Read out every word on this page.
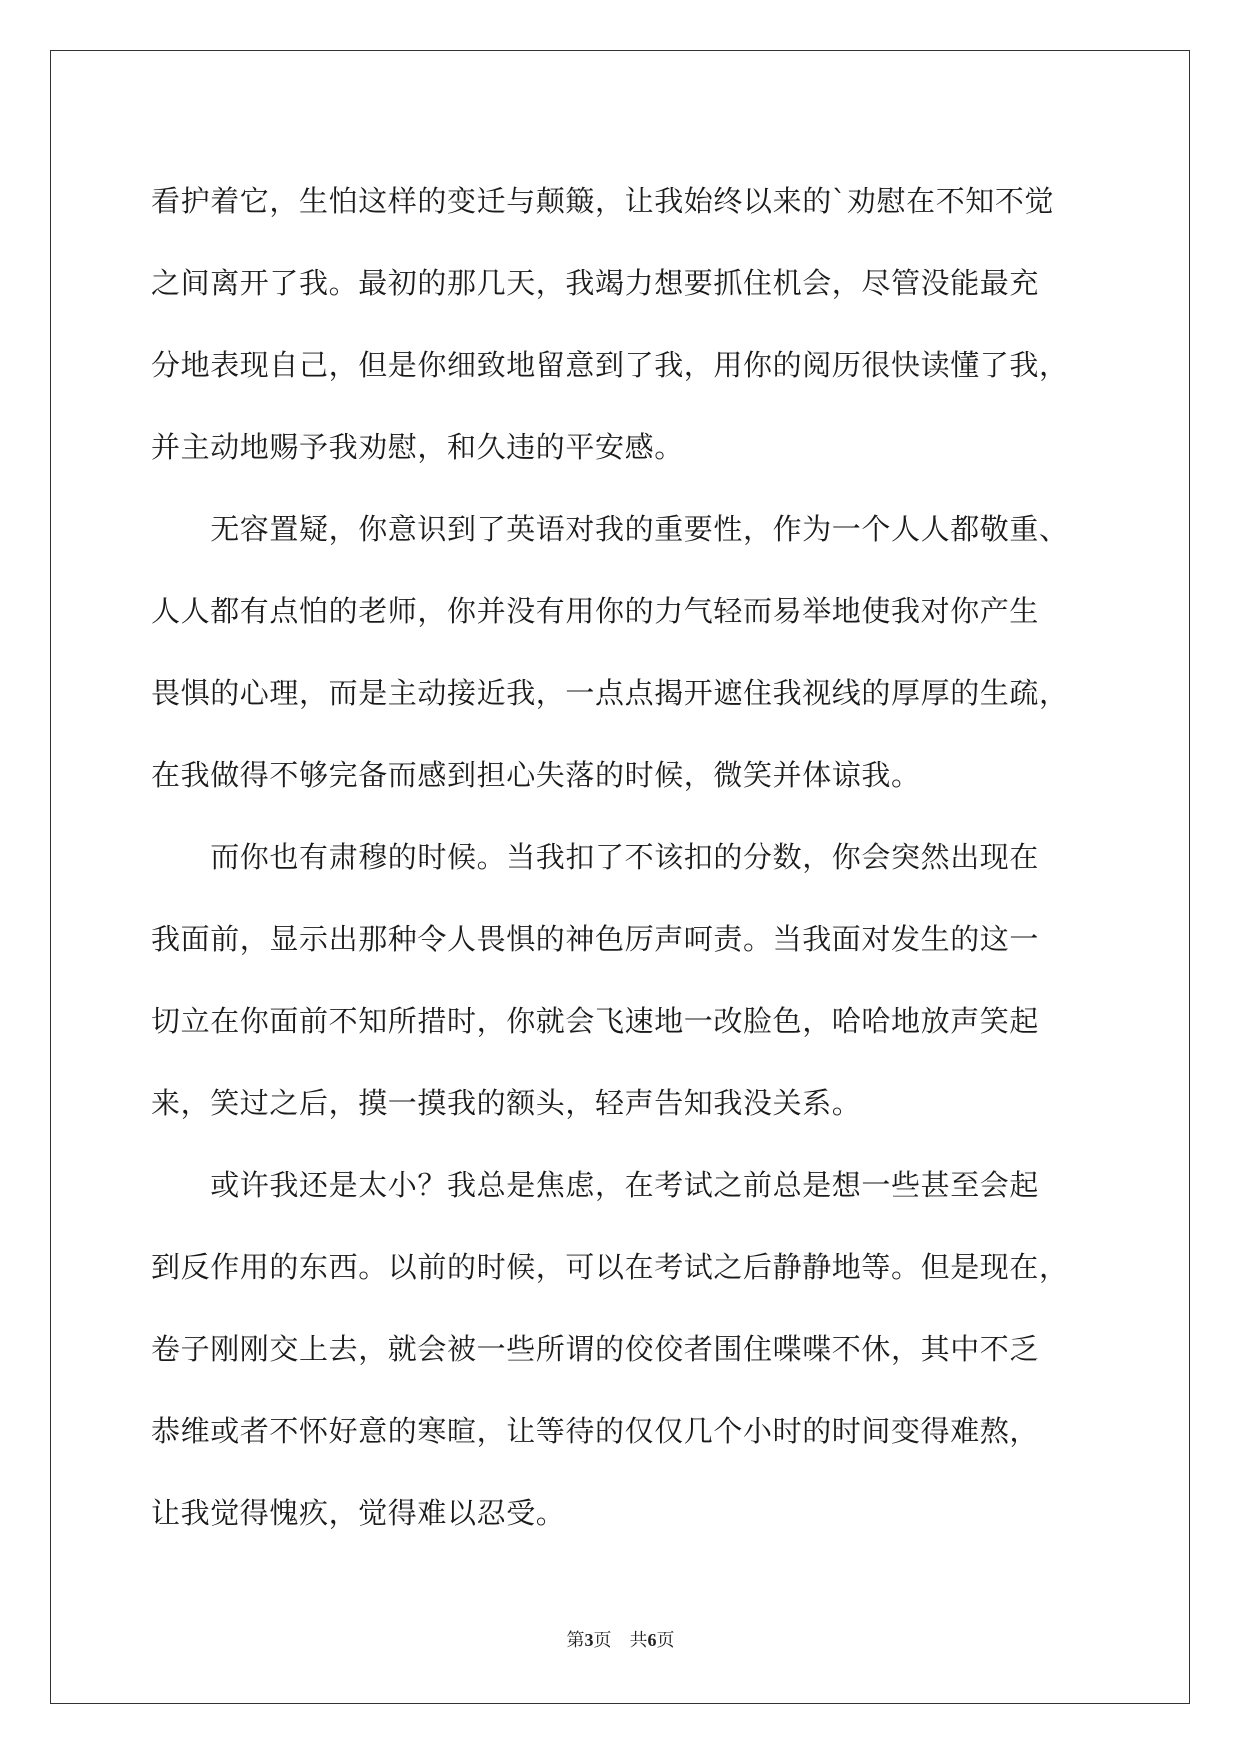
看护着它，生怕这样的变迁与颠簸，让我始终以来的`劝慰在不知不觉
之间离开了我。最初的那几天，我竭力想要抓住机会，尽管没能最充
分地表现自己，但是你细致地留意到了我，用你的阅历很快读懂了我，
并主动地赐予我劝慰，和久违的平安感。
　　无容置疑，你意识到了英语对我的重要性，作为一个人人都敬重、
人人都有点怕的老师，你并没有用你的力气轻而易举地使我对你产生
畏惧的心理，而是主动接近我，一点点揭开遮住我视线的厚厚的生疏，
在我做得不够完备而感到担心失落的时候，微笑并体谅我。
　　而你也有肃穆的时候。当我扣了不该扣的分数，你会突然出现在
我面前，显示出那种令人畏惧的神色厉声呵责。当我面对发生的这一
切立在你面前不知所措时，你就会飞速地一改脸色，哈哈地放声笑起
来，笑过之后，摸一摸我的额头，轻声告知我没关系。
　　或许我还是太小？我总是焦虑，在考试之前总是想一些甚至会起
到反作用的东西。以前的时候，可以在考试之后静静地等。但是现在，
卷子刚刚交上去，就会被一些所谓的佼佼者围住喋喋不休，其中不乏
恭维或者不怀好意的寒暄，让等待的仅仅几个小时的时间变得难熬，
让我觉得愧疚，觉得难以忍受。
第3页 共6页
